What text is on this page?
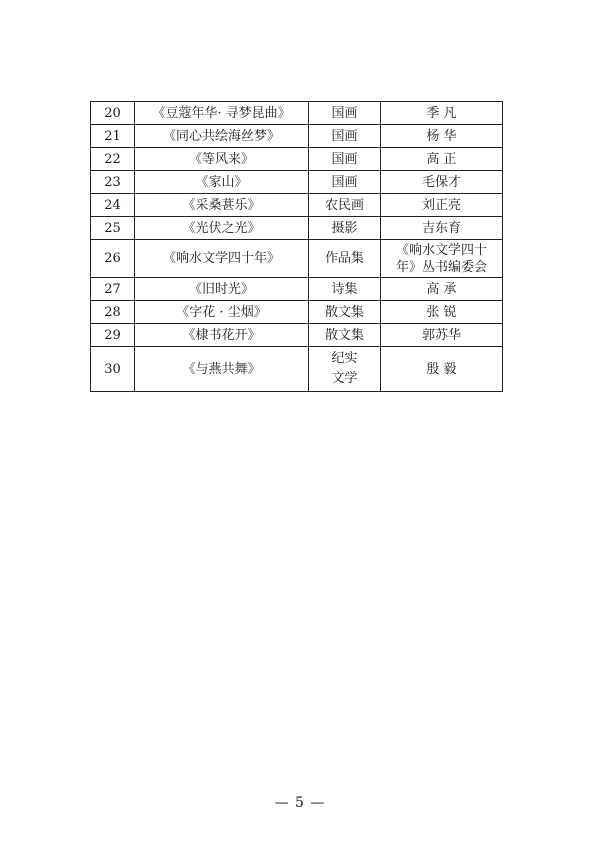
20	《豆蔻年华· 寻梦昆曲》	国画	季 凡
21	《同心共绘海丝梦》	国画	杨 华
22	《等风来》	国画	高 正
23	《家山》	国画	毛保才
24	《采桑葚乐》	农民画	刘正亮
25	《光伏之光》	摄影	吉东育
26	《响水文学四十年》	作品集	《响水文学四十年》丛书编委会
27	《旧时光》	诗集	高 承
28	《字花 · 尘烟》	散文集	张 锐
29	《棣书花开》	散文集	郭苏华
30	《与燕共舞》	纪实文学	殷 毅
— 5 —
